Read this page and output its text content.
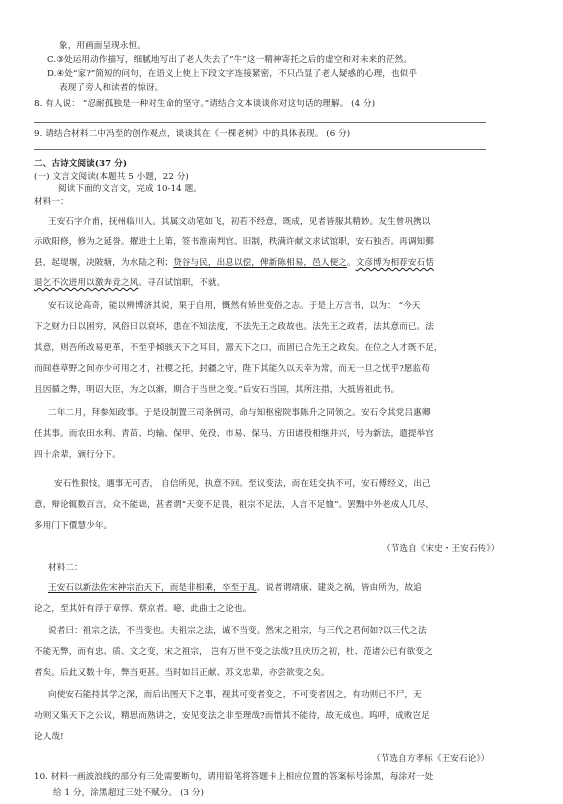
象，用画面呈现永恒。
C.③处运用动作描写，细腻地写出了老人失去了“牛”这一精神寄托之后的虚空和对未来的茫然。
D.④处“家?”简短的问句，在语义上使上下段文字连接紧密，不只凸显了老人疑惑的心理，也似乎
表现了旁人和读者的惊讶。
8. 有人说： “忍耐孤独是一种对生命的坚守。”请结合文本谈谈你对这句话的理解。 (4 分)
9. 请结合材料二中冯至的创作观点，谈谈其在《一棵老树》中的具体表现。 (6 分)
二、古诗文阅读(37 分)
(一) 文言文阅读(本题共 5 小题，22 分)
阅读下面的文言文，完成 10-14 题。
材料一：
王安石字介甫，抚州临川人。其属文动笔如飞，初若不经意，既成，见者皆服其精妙。友生曾巩携以
示欧阳修，修为之延誉。擢进士上第，签书淮南判官。旧制，秩满许献文求试馆职，安石独否。再调知鄞
县，起堤堰，决陂塘，为水陆之利；贷谷与民，出息以偿，俾新陈相易，邑人便之。文彦博为相荐安石恬
退乞不次进用以激奔竞之风。寻召试馆职，不就。
安石议论高奇，能以辨博济其说，果于自用，慨然有矫世变俗之志。于是上万言书，以为： “今天
下之财力日以困穷，风俗日以衰坏，患在不知法度，不法先王之政故也。法先王之政者，法其意而已。法
其意，则吾所改易更革，不至乎倾骇天下之耳目，嚣天下之口，而固已合先王之政矣。在位之人才既不足，
而闾巷草野之间亦少可用之才，社稷之托，封疆之守，陛下其能久以天幸为常，而无一旦之忧乎?愿监苟
且因循之弊，明诏大臣，为之以渐，期合于当世之变。”后安石当国，其所注措，大抵皆祖此书。
二年二月，拜参知政事。于是设制置三司条例司，命与知枢密院事陈升之同领之。安石令其党吕惠卿
任其事。而农田水利、青苗、均输、保甲、免役、市易、保马、方田诸役相继并兴，号为新法，遣提举官
四十余辈，颁行分下。
安石性狠忮，遇事无可否， 自信所见，执意不回。至议变法，而在廷交执不可，安石傅经义，出己
意，辩论辄数百言，众不能诎，甚者谓“天变不足畏，祖宗不足法，人言不足恤”。罢黜中外老成人几尽，
多用门下儇慧少年。
（节选自《宋史・王安石传》）
材料二：
王安石以新法佐宋神宗治天下，而是非相乘，卒至于乱。说者谓靖康、建炎之祸，皆由所为，故追
论之，至其奸有浮于章惇、蔡京者。噫，此曲士之论也。
说者曰：祖宗之法，不当变也。夫祖宗之法，诚不当变。然宋之祖宗，与三代之君何如?以三代之法
不能无弊，而有忠、质、文之变，宋之祖宗， 岂有万世不变之法哉?且庆历之初，杜、范诸公已有欲变之
者矣。后此又数十年，弊当更甚。当时如吕正献、苏文忠辈，亦尝欲变之矣。
向使安石能持其学之深，而后出图天下之事，视其可变者变之，不可变者因之，有功则已不尸，无
功则又集天下之公议，精思而熟讲之，安见变法之非至理哉?而惜其不能待，故无成也。呜呼，成败岂足
论人哉!
（节选自方孝标《王安石论》）
10. 材料一画波浪线的部分有三处需要断句，请用铅笔将答题卡上相应位置的答案标号涂黑，每涂对一处
给 1 分，涂黑超过三处不赋分。 (3 分)
